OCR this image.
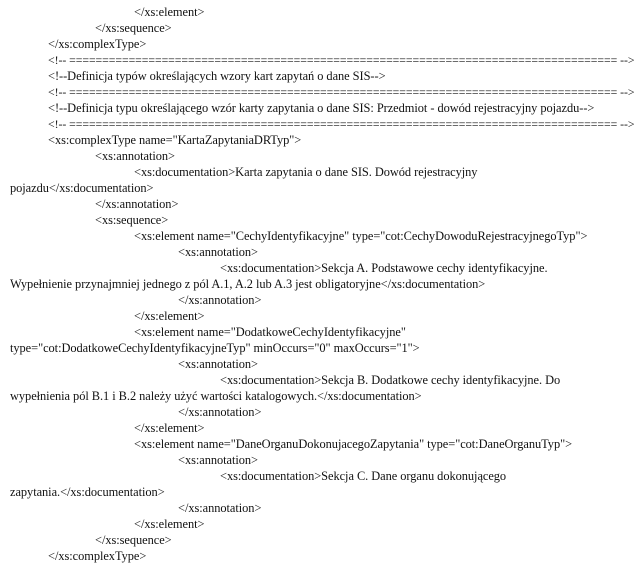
</xs:element>
</xs:sequence>
</xs:complexType>
<!-- =================================================================================== -->
<!--Definicja typów określających wzory kart zapytań o dane SIS-->
<!-- =================================================================================== -->
<!--Definicja typu określającego wzór karty zapytania o dane SIS: Przedmiot - dowód rejestracyjny pojazdu-->
<!-- =================================================================================== -->
<xs:complexType name="KartaZapytaniaDRTyp">
<xs:annotation>
<xs:documentation>Karta zapytania o dane SIS. Dowód rejestracyjny
pojazdu</xs:documentation>
</xs:annotation>
<xs:sequence>
<xs:element name="CechyIdentyfikacyjne" type="cot:CechyDowoduRejestracyjnegoTyp">
<xs:annotation>
<xs:documentation>Sekcja A. Podstawowe cechy identyfikacyjne.
Wypełnienie przynajmniej jednego z pól A.1, A.2 lub A.3 jest obligatoryjne</xs:documentation>
</xs:annotation>
</xs:element>
<xs:element name="DodatkoweCechyIdentyfikacyjne"
type="cot:DodatkoweCechyIdentyfikacyjneTyp" minOccurs="0" maxOccurs="1">
<xs:annotation>
<xs:documentation>Sekcja B. Dodatkowe cechy identyfikacyjne. Do
wypełnienia pól B.1 i B.2 należy użyć wartości katalogowych.</xs:documentation>
</xs:annotation>
</xs:element>
<xs:element name="DaneOrganuDokonujacegoZapytania" type="cot:DaneOrganuTyp">
<xs:annotation>
<xs:documentation>Sekcja C. Dane organu dokonującego
zapytania.</xs:documentation>
</xs:annotation>
</xs:element>
</xs:sequence>
</xs:complexType>
